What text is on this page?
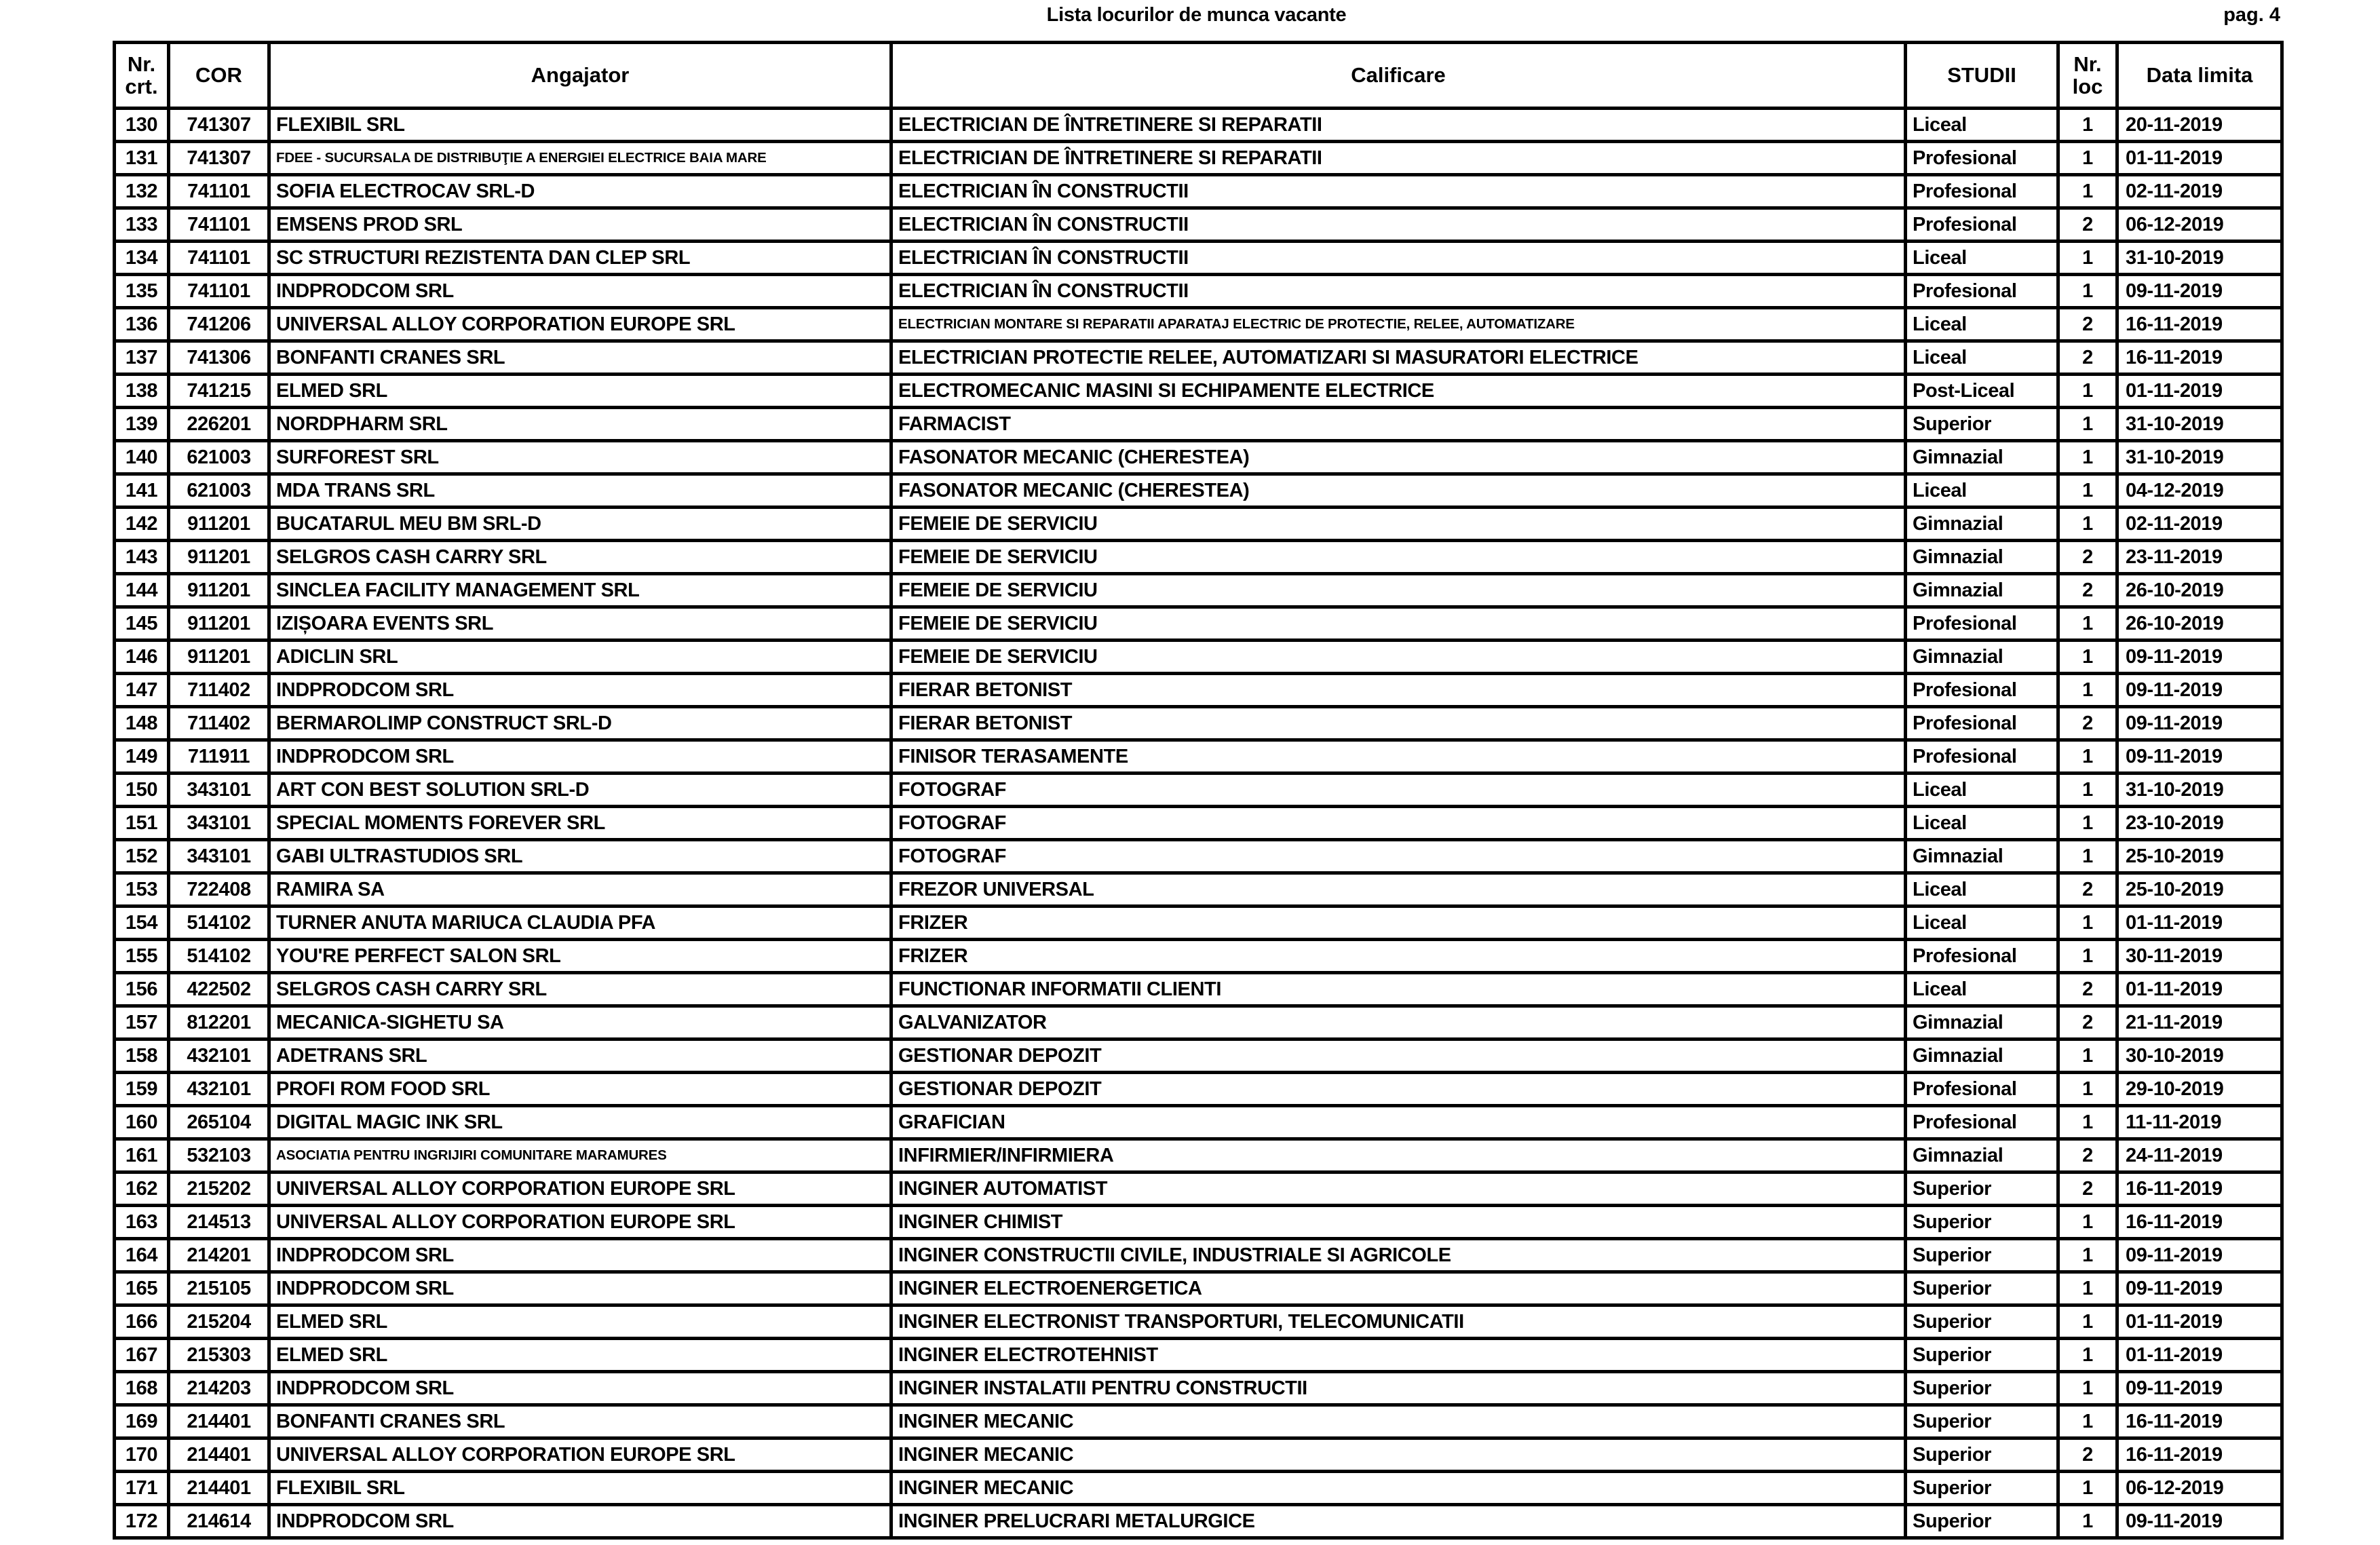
Lista locurilor de munca vacante	pag. 4
Nr. crt.	COR	Angajator	Calificare	STUDII	Nr. loc	Data limita
130	741307	FLEXIBIL SRL	ELECTRICIAN DE ÎNTRETINERE SI REPARATII	Liceal	1	20-11-2019
131	741307	FDEE - SUCURSALA DE DISTRIBUŢIE A ENERGIEI ELECTRICE BAIA MARE	ELECTRICIAN DE ÎNTRETINERE SI REPARATII	Profesional	1	01-11-2019
132	741101	SOFIA ELECTROCAV SRL-D	ELECTRICIAN ÎN CONSTRUCTII	Profesional	1	02-11-2019
133	741101	EMSENS PROD SRL	ELECTRICIAN ÎN CONSTRUCTII	Profesional	2	06-12-2019
134	741101	SC STRUCTURI REZISTENTA DAN CLEP SRL	ELECTRICIAN ÎN CONSTRUCTII	Liceal	1	31-10-2019
135	741101	INDPRODCOM SRL	ELECTRICIAN ÎN CONSTRUCTII	Profesional	1	09-11-2019
136	741206	UNIVERSAL ALLOY CORPORATION EUROPE SRL	ELECTRICIAN MONTARE SI REPARATII APARATAJ ELECTRIC DE PROTECTIE, RELEE, AUTOMATIZARE	Liceal	2	16-11-2019
137	741306	BONFANTI CRANES SRL	ELECTRICIAN PROTECTIE RELEE, AUTOMATIZARI SI MASURATORI ELECTRICE	Liceal	2	16-11-2019
138	741215	ELMED SRL	ELECTROMECANIC MASINI SI ECHIPAMENTE ELECTRICE	Post-Liceal	1	01-11-2019
139	226201	NORDPHARM SRL	FARMACIST	Superior	1	31-10-2019
140	621003	SURFOREST SRL	FASONATOR MECANIC (CHERESTEA)	Gimnazial	1	31-10-2019
141	621003	MDA TRANS SRL	FASONATOR MECANIC (CHERESTEA)	Liceal	1	04-12-2019
142	911201	BUCATARUL MEU BM SRL-D	FEMEIE DE SERVICIU	Gimnazial	1	02-11-2019
143	911201	SELGROS CASH CARRY SRL	FEMEIE DE SERVICIU	Gimnazial	2	23-11-2019
144	911201	SINCLEA FACILITY MANAGEMENT SRL	FEMEIE DE SERVICIU	Gimnazial	2	26-10-2019
145	911201	IZIȘOARA EVENTS SRL	FEMEIE DE SERVICIU	Profesional	1	26-10-2019
146	911201	ADICLIN SRL	FEMEIE DE SERVICIU	Gimnazial	1	09-11-2019
147	711402	INDPRODCOM SRL	FIERAR BETONIST	Profesional	1	09-11-2019
148	711402	BERMAROLIMP CONSTRUCT SRL-D	FIERAR BETONIST	Profesional	2	09-11-2019
149	711911	INDPRODCOM SRL	FINISOR TERASAMENTE	Profesional	1	09-11-2019
150	343101	ART CON BEST SOLUTION SRL-D	FOTOGRAF	Liceal	1	31-10-2019
151	343101	SPECIAL MOMENTS FOREVER SRL	FOTOGRAF	Liceal	1	23-10-2019
152	343101	GABI ULTRASTUDIOS SRL	FOTOGRAF	Gimnazial	1	25-10-2019
153	722408	RAMIRA SA	FREZOR UNIVERSAL	Liceal	2	25-10-2019
154	514102	TURNER ANUTA MARIUCA CLAUDIA PFA	FRIZER	Liceal	1	01-11-2019
155	514102	YOU'RE PERFECT SALON SRL	FRIZER	Profesional	1	30-11-2019
156	422502	SELGROS CASH CARRY SRL	FUNCTIONAR INFORMATII CLIENTI	Liceal	2	01-11-2019
157	812201	MECANICA-SIGHETU SA	GALVANIZATOR	Gimnazial	2	21-11-2019
158	432101	ADETRANS SRL	GESTIONAR DEPOZIT	Gimnazial	1	30-10-2019
159	432101	PROFI ROM FOOD SRL	GESTIONAR DEPOZIT	Profesional	1	29-10-2019
160	265104	DIGITAL MAGIC INK SRL	GRAFICIAN	Profesional	1	11-11-2019
161	532103	ASOCIATIA PENTRU INGRIJIRI COMUNITARE MARAMURES	INFIRMIER/INFIRMIERA	Gimnazial	2	24-11-2019
162	215202	UNIVERSAL ALLOY CORPORATION EUROPE SRL	INGINER AUTOMATIST	Superior	2	16-11-2019
163	214513	UNIVERSAL ALLOY CORPORATION EUROPE SRL	INGINER CHIMIST	Superior	1	16-11-2019
164	214201	INDPRODCOM SRL	INGINER CONSTRUCTII CIVILE, INDUSTRIALE SI AGRICOLE	Superior	1	09-11-2019
165	215105	INDPRODCOM SRL	INGINER ELECTROENERGETICA	Superior	1	09-11-2019
166	215204	ELMED SRL	INGINER ELECTRONIST TRANSPORTURI, TELECOMUNICATII	Superior	1	01-11-2019
167	215303	ELMED SRL	INGINER ELECTROTEHNIST	Superior	1	01-11-2019
168	214203	INDPRODCOM SRL	INGINER INSTALATII PENTRU CONSTRUCTII	Superior	1	09-11-2019
169	214401	BONFANTI CRANES SRL	INGINER MECANIC	Superior	1	16-11-2019
170	214401	UNIVERSAL ALLOY CORPORATION EUROPE SRL	INGINER MECANIC	Superior	2	16-11-2019
171	214401	FLEXIBIL SRL	INGINER MECANIC	Superior	1	06-12-2019
172	214614	INDPRODCOM SRL	INGINER PRELUCRARI METALURGICE	Superior	1	09-11-2019
